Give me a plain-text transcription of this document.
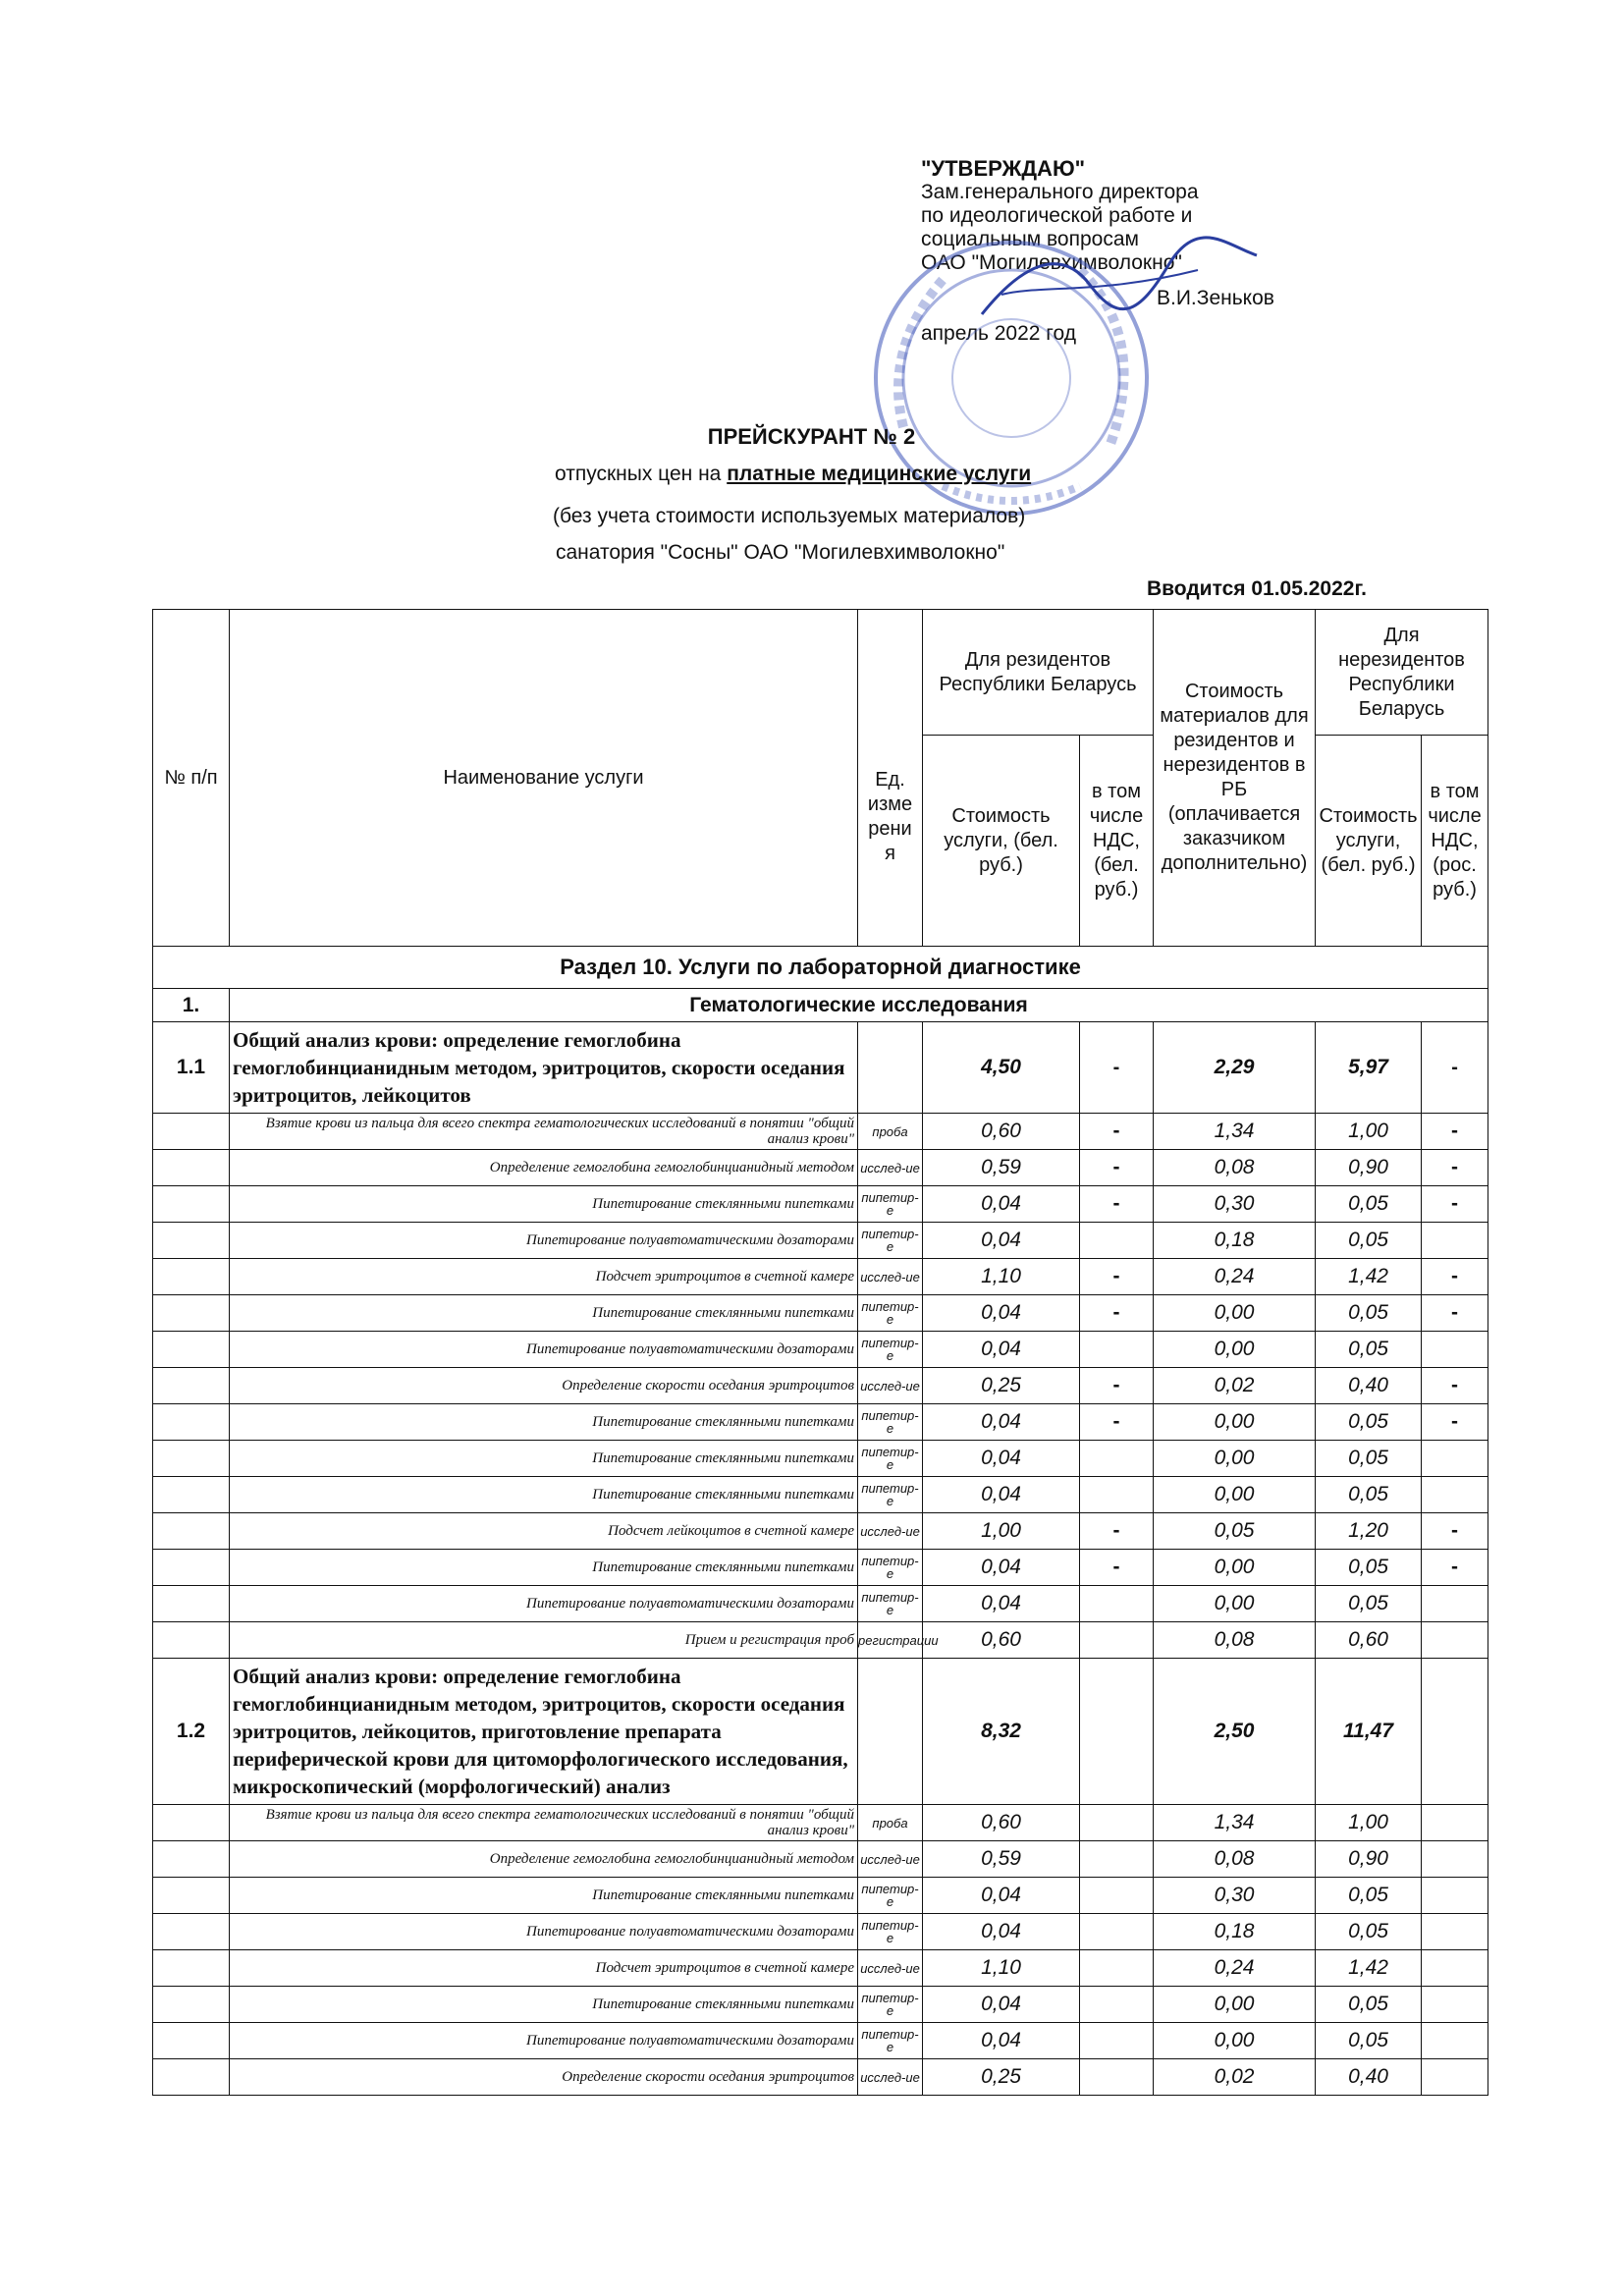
"УТВЕРЖДАЮ"
Зам.генерального директора
по идеологической работе и
социальным вопросам
ОАО "Могилевхимволокно"
В.И.Зеньков
апрель 2022 год
ПРЕЙСКУРАНТ № 2
отпускных цен на платные медицинские услуги
(без учета стоимости используемых материалов)
санатория "Сосны" ОАО "Могилевхимволокно"
Вводится 01.05.2022г.
№ п/п	Наименование услуги	Ед. изме рени я	Для резидентов Республики Беларусь		Стоимость материалов для резидентов и нерезидентов в РБ (оплачивается заказчиком дополнительно)	Для нерезидентов Республики Беларусь	
			Стоимость услуги, (бел. руб.)	в том числе НДС, (бел. руб.)		Стоимость услуги, (бел. руб.)	в том числе НДС, (рос. руб.)
Раздел 10. Услуги по лабораторной диагностике							
1.	Гематологические исследования						
1.1	Общий анализ крови: определение гемоглобина гемоглобинцианидным методом, эритроцитов, скорости оседания эритроцитов, лейкоцитов		4,50	-	2,29	5,97	-
	Взятие крови из пальца для всего спектра гематологических исследований в понятии "общий анализ крови"	проба	0,60	-	1,34	1,00	-
	Определение гемоглобина гемоглобинцианидный методом	исслед-ие	0,59	-	0,08	0,90	-
	Пипетирование стеклянными пипетками	пипетир-е	0,04	-	0,30	0,05	-
	Пипетирование полуавтоматическими дозаторами	пипетир-е	0,04		0,18	0,05	
	Подсчет эритроцитов в счетной камере	исслед-ие	1,10	-	0,24	1,42	-
	Пипетирование стеклянными пипетками	пипетир-е	0,04	-	0,00	0,05	-
	Пипетирование полуавтоматическими дозаторами	пипетир-е	0,04		0,00	0,05	
	Определение скорости оседания эритроцитов	исслед-ие	0,25	-	0,02	0,40	-
	Пипетирование стеклянными пипетками	пипетир-е	0,04	-	0,00	0,05	-
	Пипетирование стеклянными пипетками	пипетир-е	0,04		0,00	0,05	
	Пипетирование стеклянными пипетками	пипетир-е	0,04		0,00	0,05	
	Подсчет лейкоцитов в счетной камере	исслед-ие	1,00	-	0,05	1,20	-
	Пипетирование стеклянными пипетками	пипетир-е	0,04	-	0,00	0,05	-
	Пипетирование полуавтоматическими дозаторами	пипетир-е	0,04		0,00	0,05	
	Прием и регистрация проб	регистрации	0,60		0,08	0,60	
1.2	Общий анализ крови: определение гемоглобина гемоглобинцианидным методом, эритроцитов, скорости оседания эритроцитов, лейкоцитов, приготовление препарата периферической крови для цитоморфологического исследования, микроскопический (морфологический) анализ		8,32		2,50	11,47	
	Взятие крови из пальца для всего спектра гематологических исследований в понятии "общий анализ крови"	проба	0,60		1,34	1,00	
	Определение гемоглобина гемоглобинцианидный методом	исслед-ие	0,59		0,08	0,90	
	Пипетирование стеклянными пипетками	пипетир-е	0,04		0,30	0,05	
	Пипетирование полуавтоматическими дозаторами	пипетир-е	0,04		0,18	0,05	
	Подсчет эритроцитов в счетной камере	исслед-ие	1,10		0,24	1,42	
	Пипетирование стеклянными пипетками	пипетир-е	0,04		0,00	0,05	
	Пипетирование полуавтоматическими дозаторами	пипетир-е	0,04		0,00	0,05	
	Определение скорости оседания эритроцитов	исслед-ие	0,25		0,02	0,40	
